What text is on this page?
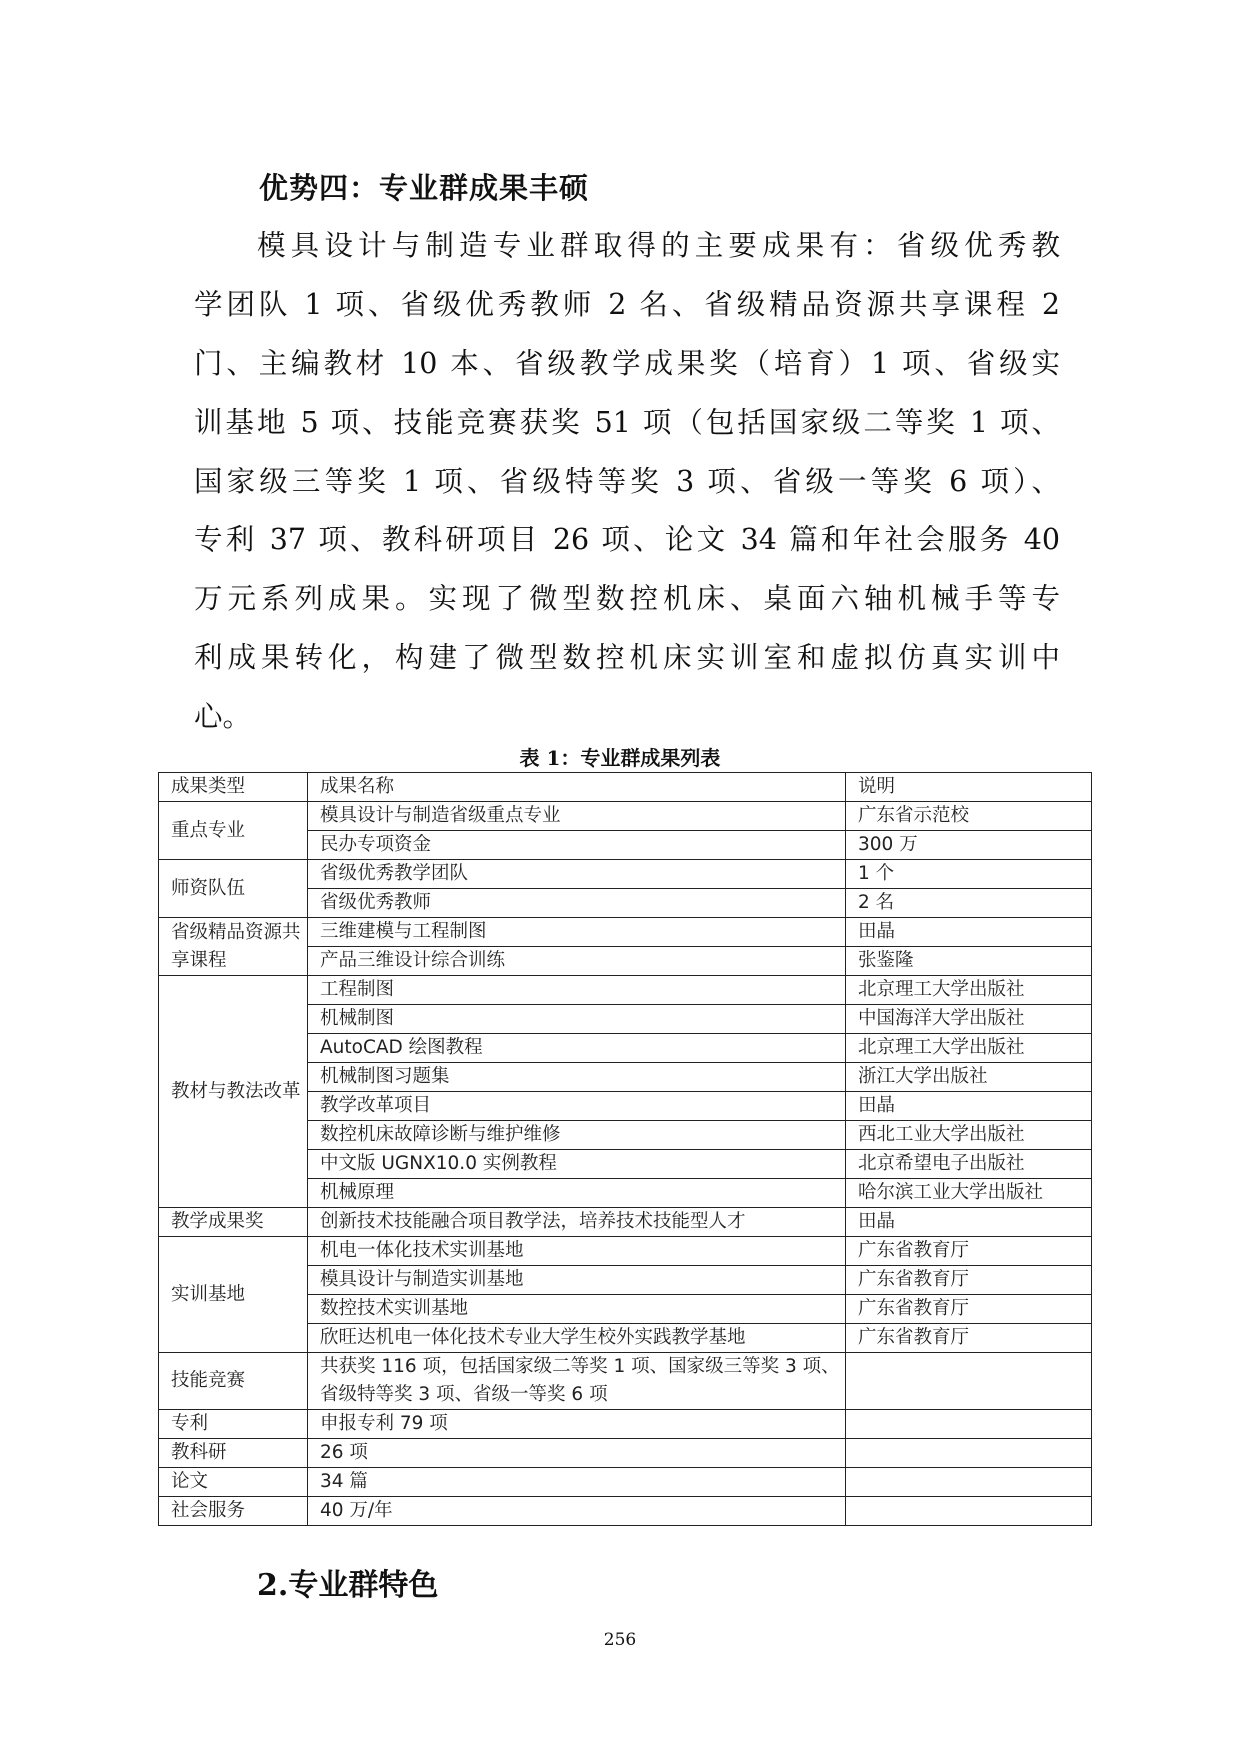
优势四：专业群成果丰硕
模具设计与制造专业群取得的主要成果有：省级优秀教
学团队 1 项、省级优秀教师 2 名、省级精品资源共享课程 2
门、主编教材 10 本、省级教学成果奖（培育）1 项、省级实
训基地 5 项、技能竞赛获奖 51 项（包括国家级二等奖 1 项、
国家级三等奖 1 项、省级特等奖 3 项、省级一等奖 6 项）、
专利 37 项、教科研项目 26 项、论文 34 篇和年社会服务 40
万元系列成果。实现了微型数控机床、桌面六轴机械手等专
利成果转化，构建了微型数控机床实训室和虚拟仿真实训中
心。
表 1：专业群成果列表
成果类型	成果名称	说明
重点专业	模具设计与制造省级重点专业	广东省示范校
	民办专项资金	300 万
师资队伍	省级优秀教学团队	1 个
	省级优秀教师	2 名
省级精品资源共享课程	三维建模与工程制图	田晶
	产品三维设计综合训练	张鉴隆
教材与教法改革	工程制图	北京理工大学出版社
	机械制图	中国海洋大学出版社
	AutoCAD 绘图教程	北京理工大学出版社
	机械制图习题集	浙江大学出版社
	教学改革项目	田晶
	数控机床故障诊断与维护维修	西北工业大学出版社
	中文版 UGNX10.0 实例教程	北京希望电子出版社
	机械原理	哈尔滨工业大学出版社
教学成果奖	创新技术技能融合项目教学法，培养技术技能型人才	田晶
实训基地	机电一体化技术实训基地	广东省教育厅
	模具设计与制造实训基地	广东省教育厅
	数控技术实训基地	广东省教育厅
	欣旺达机电一体化技术专业大学生校外实践教学基地	广东省教育厅
技能竞赛	共获奖 116 项，包括国家级二等奖 1 项、国家级三等奖 3 项、省级特等奖 3 项、省级一等奖 6 项	
专利	申报专利 79 项	
教科研	26 项	
论文	34 篇	
社会服务	40 万/年	
2.专业群特色
256
